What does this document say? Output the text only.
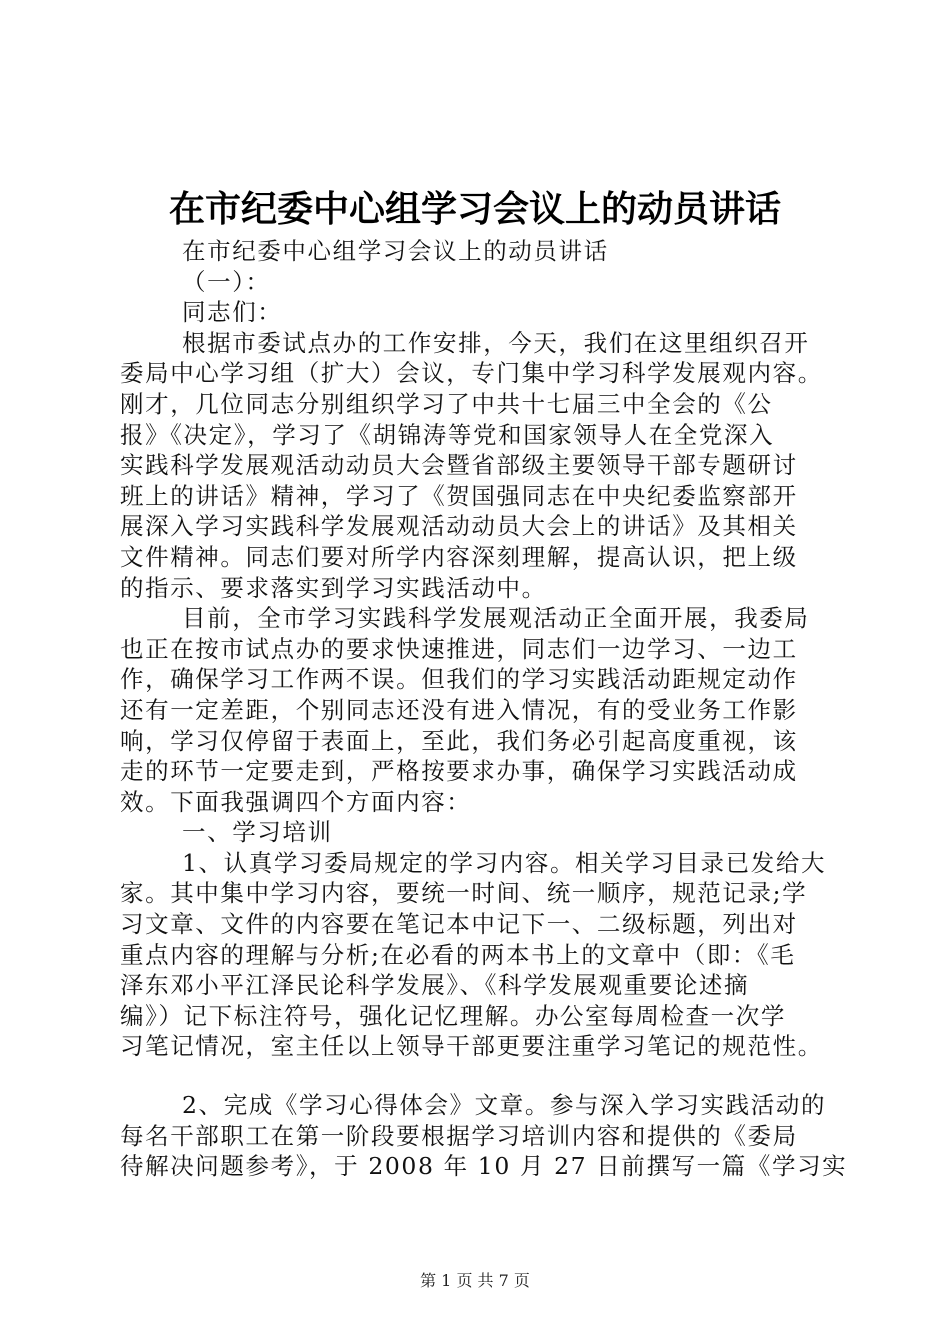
在市纪委中心组学习会议上的动员讲话
在市纪委中心组学习会议上的动员讲话
（一）：
同志们：
根据市委试点办的工作安排，今天，我们在这里组织召开
委局中心学习组（扩大）会议，专门集中学习科学发展观内容。
刚才，几位同志分别组织学习了中共十七届三中全会的《公
报》《决定》，学习了《胡锦涛等党和国家领导人在全党深入
实践科学发展观活动动员大会暨省部级主要领导干部专题研讨
班上的讲话》精神，学习了《贺国强同志在中央纪委监察部开
展深入学习实践科学发展观活动动员大会上的讲话》及其相关
文件精神。同志们要对所学内容深刻理解，提高认识，把上级
的指示、要求落实到学习实践活动中。
目前，全市学习实践科学发展观活动正全面开展，我委局
也正在按市试点办的要求快速推进，同志们一边学习、一边工
作，确保学习工作两不误。但我们的学习实践活动距规定动作
还有一定差距，个别同志还没有进入情况，有的受业务工作影
响，学习仅停留于表面上，至此，我们务必引起高度重视，该
走的环节一定要走到，严格按要求办事，确保学习实践活动成
效。下面我强调四个方面内容：
一、学习培训
1、认真学习委局规定的学习内容。相关学习目录已发给大
家。其中集中学习内容，要统一时间、统一顺序，规范记录;学
习文章、文件的内容要在笔记本中记下一、二级标题，列出对
重点内容的理解与分析;在必看的两本书上的文章中（即：《毛
泽东邓小平江泽民论科学发展》、《科学发展观重要论述摘
编》）记下标注符号，强化记忆理解。办公室每周检查一次学
习笔记情况，室主任以上领导干部更要注重学习笔记的规范性。
2、完成《学习心得体会》文章。参与深入学习实践活动的
每名干部职工在第一阶段要根据学习培训内容和提供的《委局
待解决问题参考》，于 2008 年 10 月 27 日前撰写一篇《学习实
第 1 页 共 7 页
